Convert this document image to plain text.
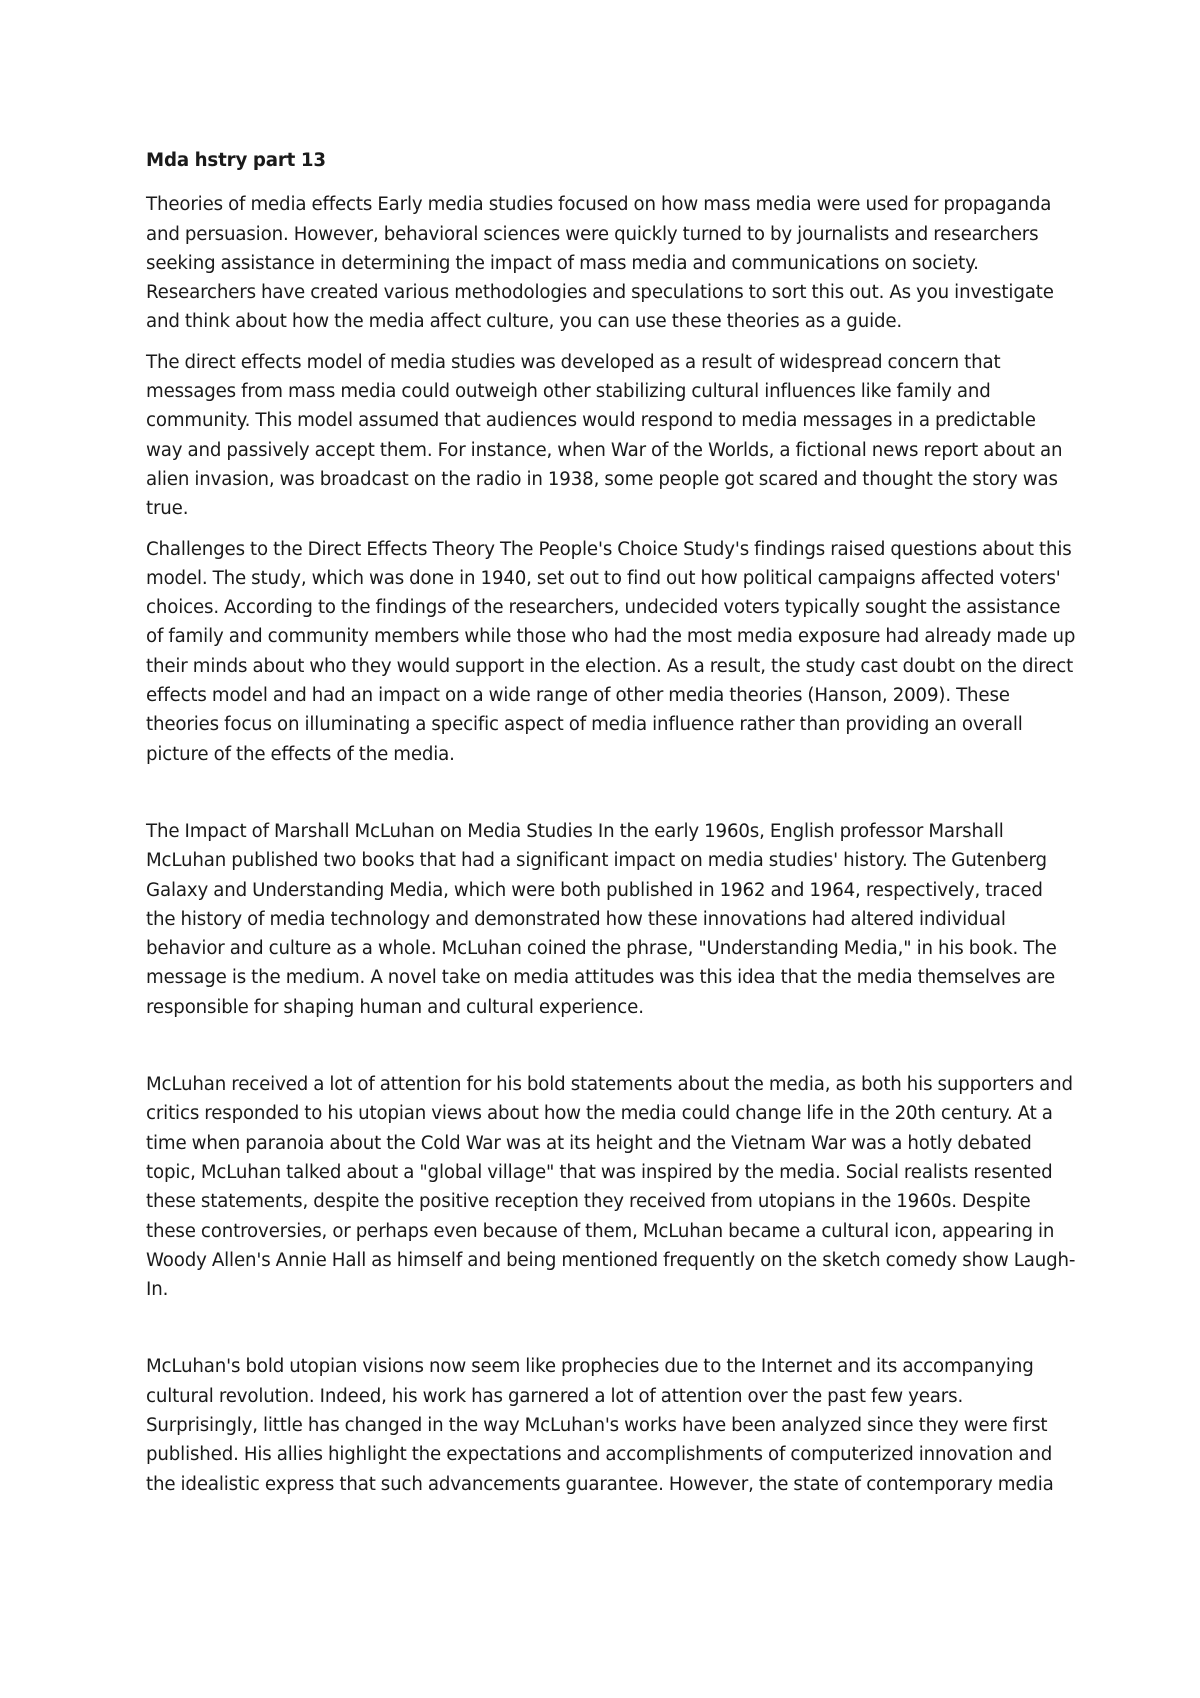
Mda hstry part 13

Theories of media effects Early media studies focused on how mass media were used for propaganda and persuasion. However, behavioral sciences were quickly turned to by journalists and researchers seeking assistance in determining the impact of mass media and communications on society. Researchers have created various methodologies and speculations to sort this out. As you investigate and think about how the media affect culture, you can use these theories as a guide.

The direct effects model of media studies was developed as a result of widespread concern that messages from mass media could outweigh other stabilizing cultural influences like family and community. This model assumed that audiences would respond to media messages in a predictable way and passively accept them. For instance, when War of the Worlds, a fictional news report about an alien invasion, was broadcast on the radio in 1938, some people got scared and thought the story was true.

Challenges to the Direct Effects Theory The People's Choice Study's findings raised questions about this model. The study, which was done in 1940, set out to find out how political campaigns affected voters' choices. According to the findings of the researchers, undecided voters typically sought the assistance of family and community members while those who had the most media exposure had already made up their minds about who they would support in the election. As a result, the study cast doubt on the direct effects model and had an impact on a wide range of other media theories (Hanson, 2009). These theories focus on illuminating a specific aspect of media influence rather than providing an overall picture of the effects of the media.

The Impact of Marshall McLuhan on Media Studies In the early 1960s, English professor Marshall McLuhan published two books that had a significant impact on media studies' history. The Gutenberg Galaxy and Understanding Media, which were both published in 1962 and 1964, respectively, traced the history of media technology and demonstrated how these innovations had altered individual behavior and culture as a whole. McLuhan coined the phrase, "Understanding Media," in his book. The message is the medium. A novel take on media attitudes was this idea that the media themselves are responsible for shaping human and cultural experience.

McLuhan received a lot of attention for his bold statements about the media, as both his supporters and critics responded to his utopian views about how the media could change life in the 20th century. At a time when paranoia about the Cold War was at its height and the Vietnam War was a hotly debated topic, McLuhan talked about a "global village" that was inspired by the media. Social realists resented these statements, despite the positive reception they received from utopians in the 1960s. Despite these controversies, or perhaps even because of them, McLuhan became a cultural icon, appearing in Woody Allen's Annie Hall as himself and being mentioned frequently on the sketch comedy show Laugh-In.

McLuhan's bold utopian visions now seem like prophecies due to the Internet and its accompanying cultural revolution. Indeed, his work has garnered a lot of attention over the past few years. Surprisingly, little has changed in the way McLuhan's works have been analyzed since they were first published. His allies highlight the expectations and accomplishments of computerized innovation and the idealistic express that such advancements guarantee. However, the state of contemporary media
